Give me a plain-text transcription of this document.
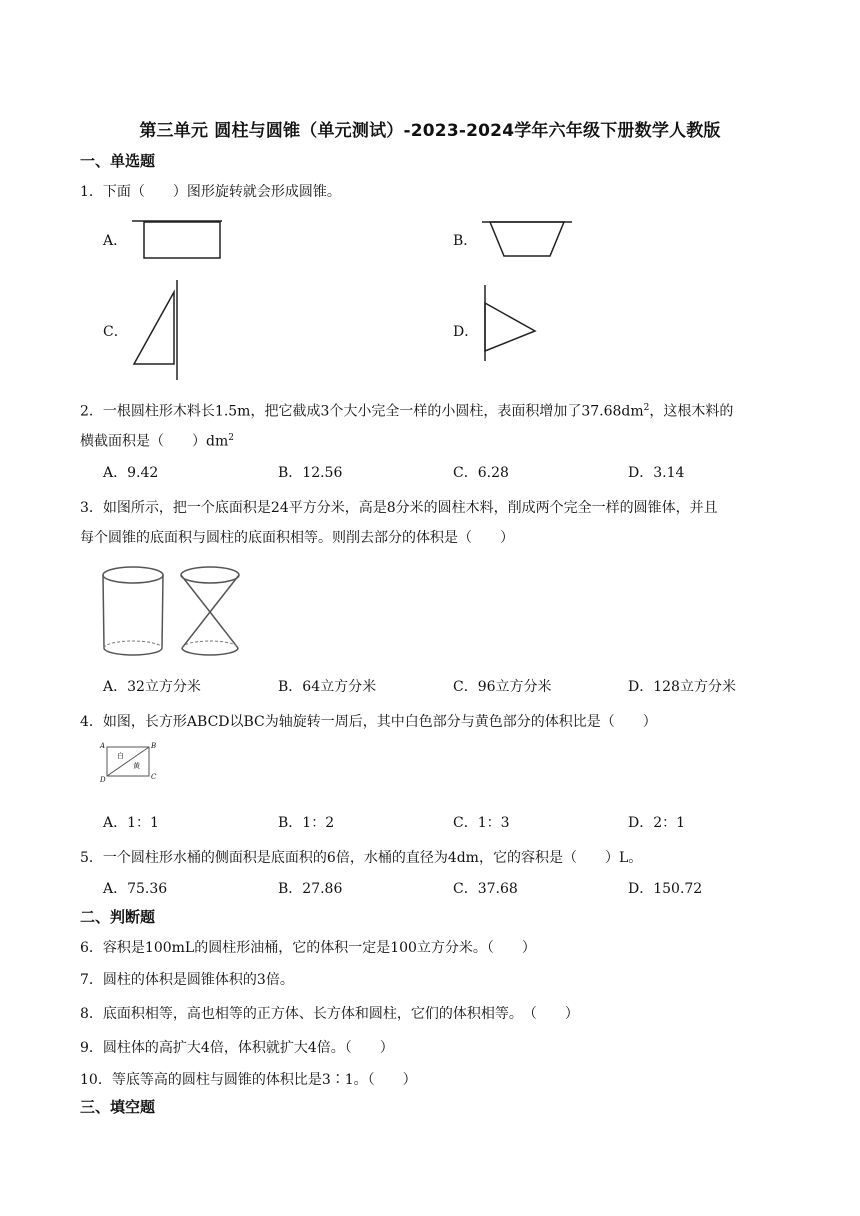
第三单元 圆柱与圆锥（单元测试）-2023-2024学年六年级下册数学人教版
一、单选题
1．下面（　　）图形旋转就会形成圆锥。
A．	B．
C．	D．
2．一根圆柱形木料长1.5m，把它截成3个大小完全一样的小圆柱，表面积增加了$37.68dm^2$，这根木料的
横截面积是（　　）$dm^2$
A．9.42	B．12.56	C．6.28	D．3.14
3．如图所示，把一个底面积是24平方分米，高是8分米的圆柱木料，削成两个完全一样的圆锥体，并且
每个圆锥的底面积与圆柱的底面积相等。则削去部分的体积是（　　）
A．32立方分米	B．64立方分米	C．96立方分米	D．128立方分米
4．如图，长方形ABCD以BC为轴旋转一周后，其中白色部分与黄色部分的体积比是（　　）
A	B
C
D
白
黄
A．1：1	B．1：2	C．1：3	D．2：1
5．一个圆柱形水桶的侧面积是底面积的6倍，水桶的直径为4dm，它的容积是（　　）L。
A．75.36	B．27.86	C．37.68	D．150.72
二、判断题
6．容积是100mL的圆柱形油桶，它的体积一定是100立方分米。（　　）
7．圆柱的体积是圆锥体积的3倍。
8．底面积相等，高也相等的正方体、长方体和圆柱，它们的体积相等。　（　　）
9．圆柱体的高扩大4倍，体积就扩大4倍。（　　）
10．等底等高的圆柱与圆锥的体积比是3∶1。（　　）
三、填空题
